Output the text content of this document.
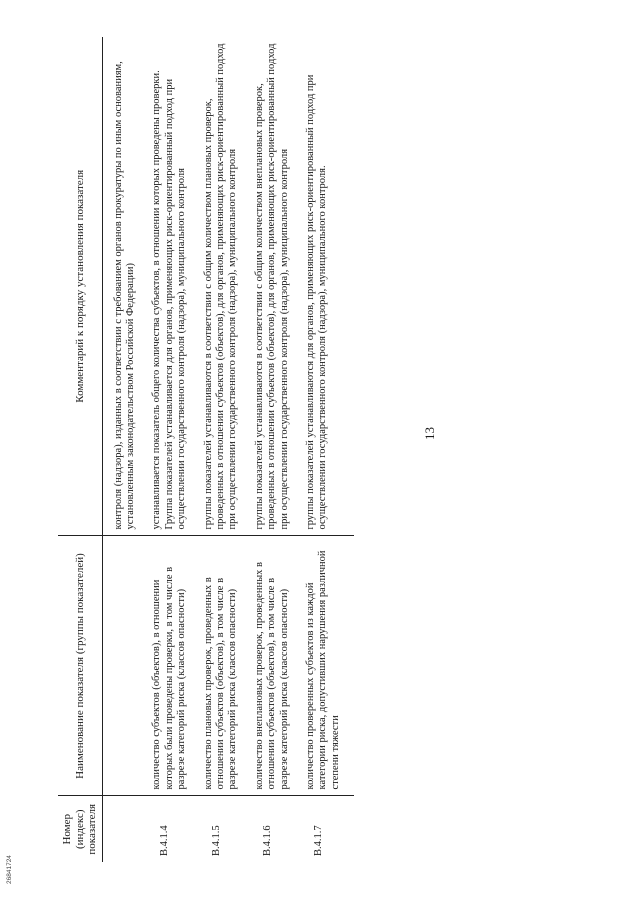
13
Номер (индекс) показателя	Наименование показателя (группы показателей)	Комментарий к порядку установления показателя
		контроля (надзора), изданных в соответствии с требованием органов прокуратуры по иным основаниям, установленным законодательством Российской Федерации)
В.4.1.4	количество субъектов (объектов), в отношении которых были проведены проверки, в том числе в разрезе категорий риска (классов опасности)	устанавливается показатель общего количества субъектов, в отношении которых проведены проверки. Группа показателей устанавливается для органов, применяющих риск-ориентированный подход при осуществлении государственного контроля (надзора), муниципального контроля
В.4.1.5	количество плановых проверок, проведенных в отношении субъектов (объектов), в том числе в разрезе категорий риска (классов опасности)	группы показателей устанавливаются в соответствии с общим количеством плановых проверок, проведенных в отношении субъектов (объектов), для органов, применяющих риск-ориентированный подход при осуществлении государственного контроля (надзора), муниципального контроля
В.4.1.6	количество внеплановых проверок, проведенных в отношении субъектов (объектов), в том числе в разрезе категорий риска (классов опасности)	группы показателей устанавливаются в соответствии с общим количеством внеплановых проверок, проведенных в отношении субъектов (объектов), для органов, применяющих риск-ориентированный подход при осуществлении государственного контроля (надзора), муниципального контроля
В.4.1.7	количество проверенных субъектов из каждой категории риска, допустивших нарушения различной степени тяжести	группы показателей устанавливаются для органов, применяющих риск-ориентированный подход при осуществлении государственного контроля (надзора), муниципального контроля.
26841724
